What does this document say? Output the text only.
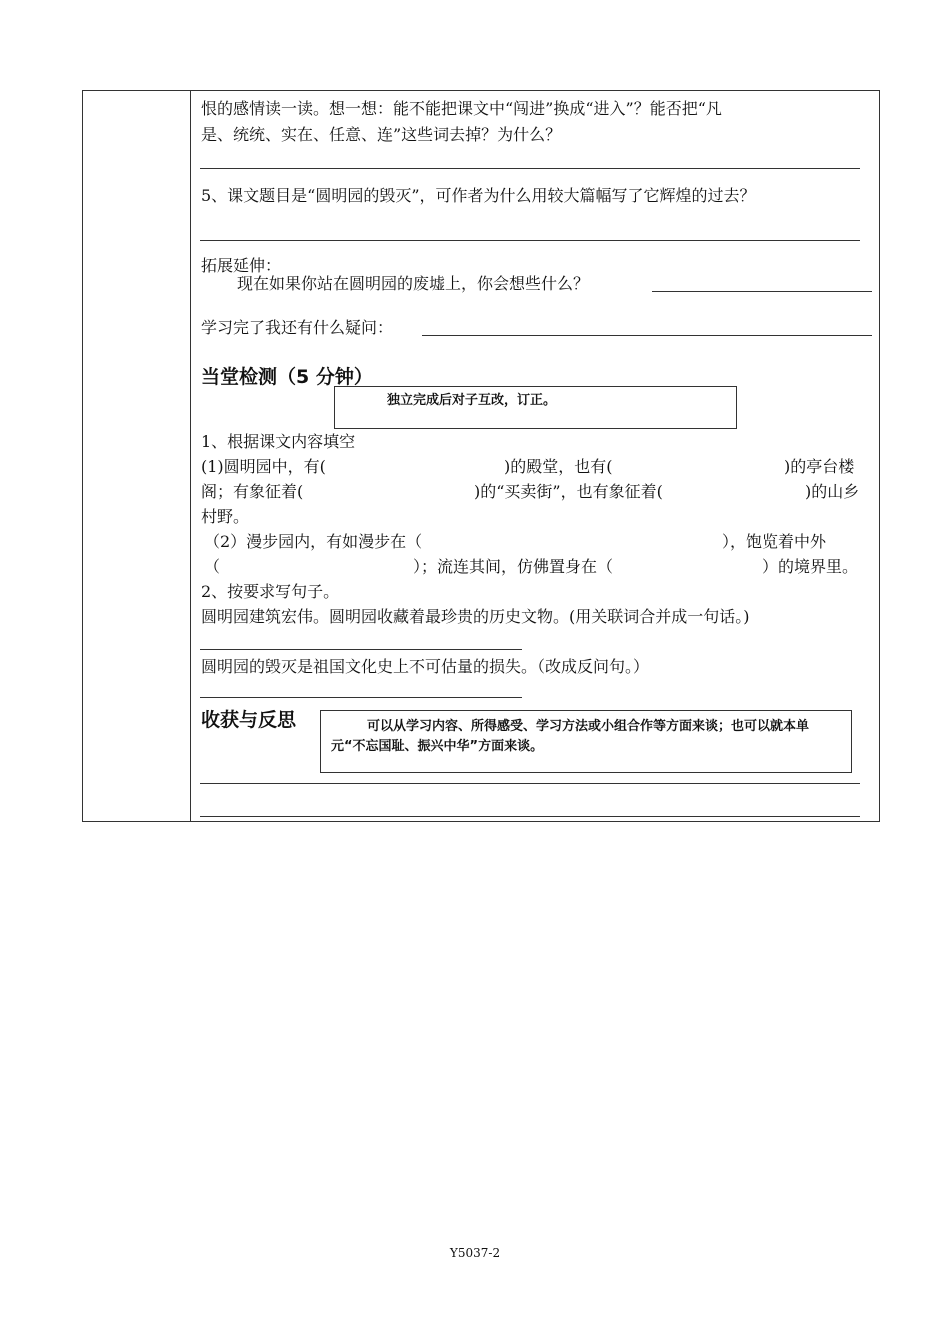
恨的感情读一读。想一想：能不能把课文中“闯进”换成“进入”？能否把“凡
是、统统、实在、任意、连”这些词去掉？为什么？
5、课文题目是“圆明园的毁灭”，可作者为什么用较大篇幅写了它辉煌的过去？
拓展延伸：
现在如果你站在圆明园的废墟上，你会想些什么？
学习完了我还有什么疑问：
当堂检测（5 分钟）
独立完成后对子互改，订正。
1、根据课文内容填空
(1)圆明园中，有(	)的殿堂，也有(	)的亭台楼
阁；有象征着(	)的“买卖街”，也有象征着(	)的山乡
村野。
（2）漫步园内，有如漫步在（	），饱览着中外
（	）；流连其间，仿佛置身在（	）的境界里。
2、按要求写句子。
圆明园建筑宏伟。圆明园收藏着最珍贵的历史文物。(用关联词合并成一句话。)
圆明园的毁灭是祖国文化史上不可估量的损失。（改成反问句。）
收获与反思	可以从学习内容、所得感受、学习方法或小组合作等方面来谈；也可以就本单元“不忘国耻、振兴中华”方面来谈。
Y5037-2
